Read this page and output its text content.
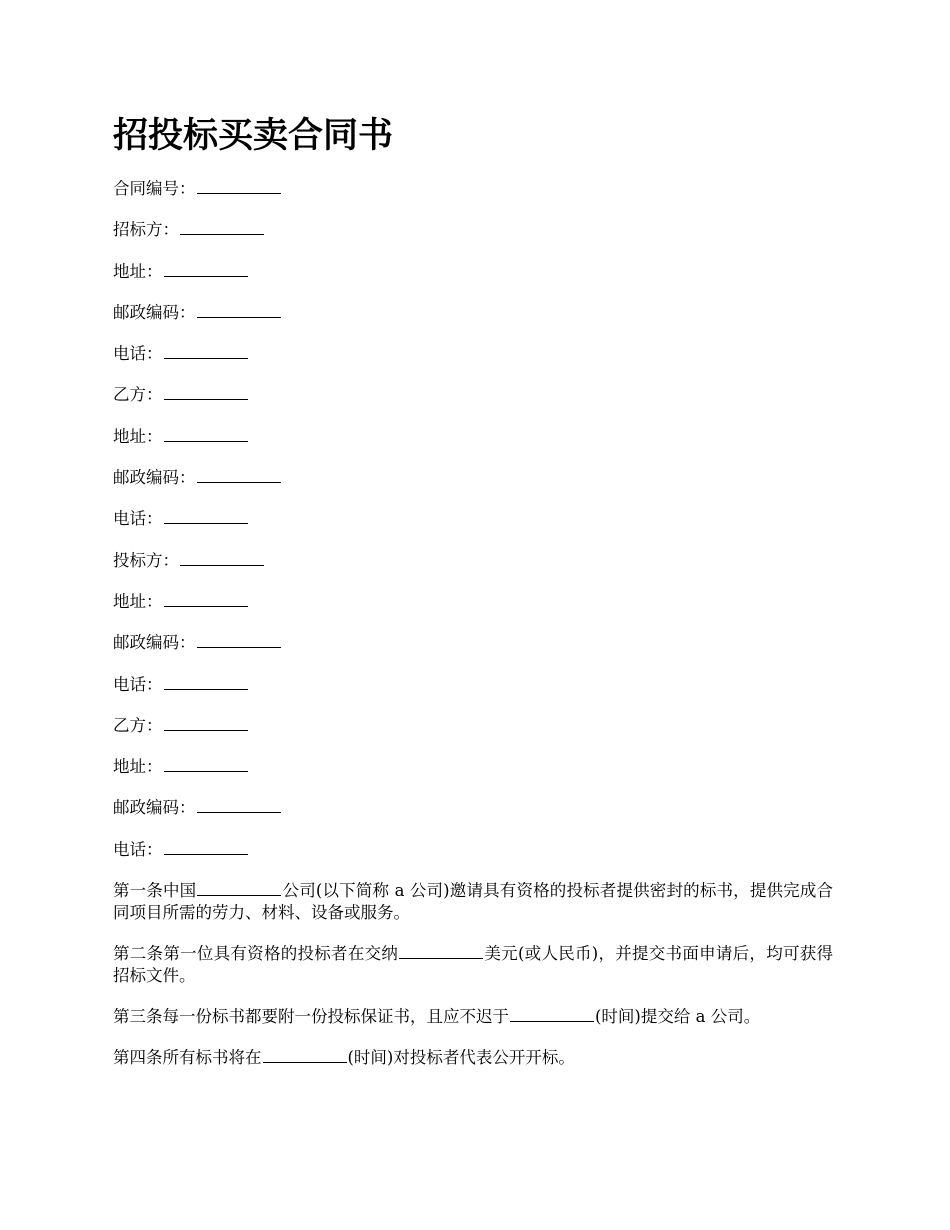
招投标买卖合同书
合同编号：
招标方：
地址：
邮政编码：
电话：
乙方：
地址：
邮政编码：
电话：
投标方：
地址：
邮政编码：
电话：
乙方：
地址：
邮政编码：
电话：

第一条中国	公司(以下简称 a 公司)邀请具有资格的投标者提供密封的标书，提供完成合同项目所需的劳力、材料、设备或服务。

第二条第一位具有资格的投标者在交纳	美元(或人民币)，并提交书面申请后，均可获得招标文件。

第三条每一份标书都要附一份投标保证书，且应不迟于	(时间)提交给 a 公司。

第四条所有标书将在	(时间)对投标者代表公开开标。
